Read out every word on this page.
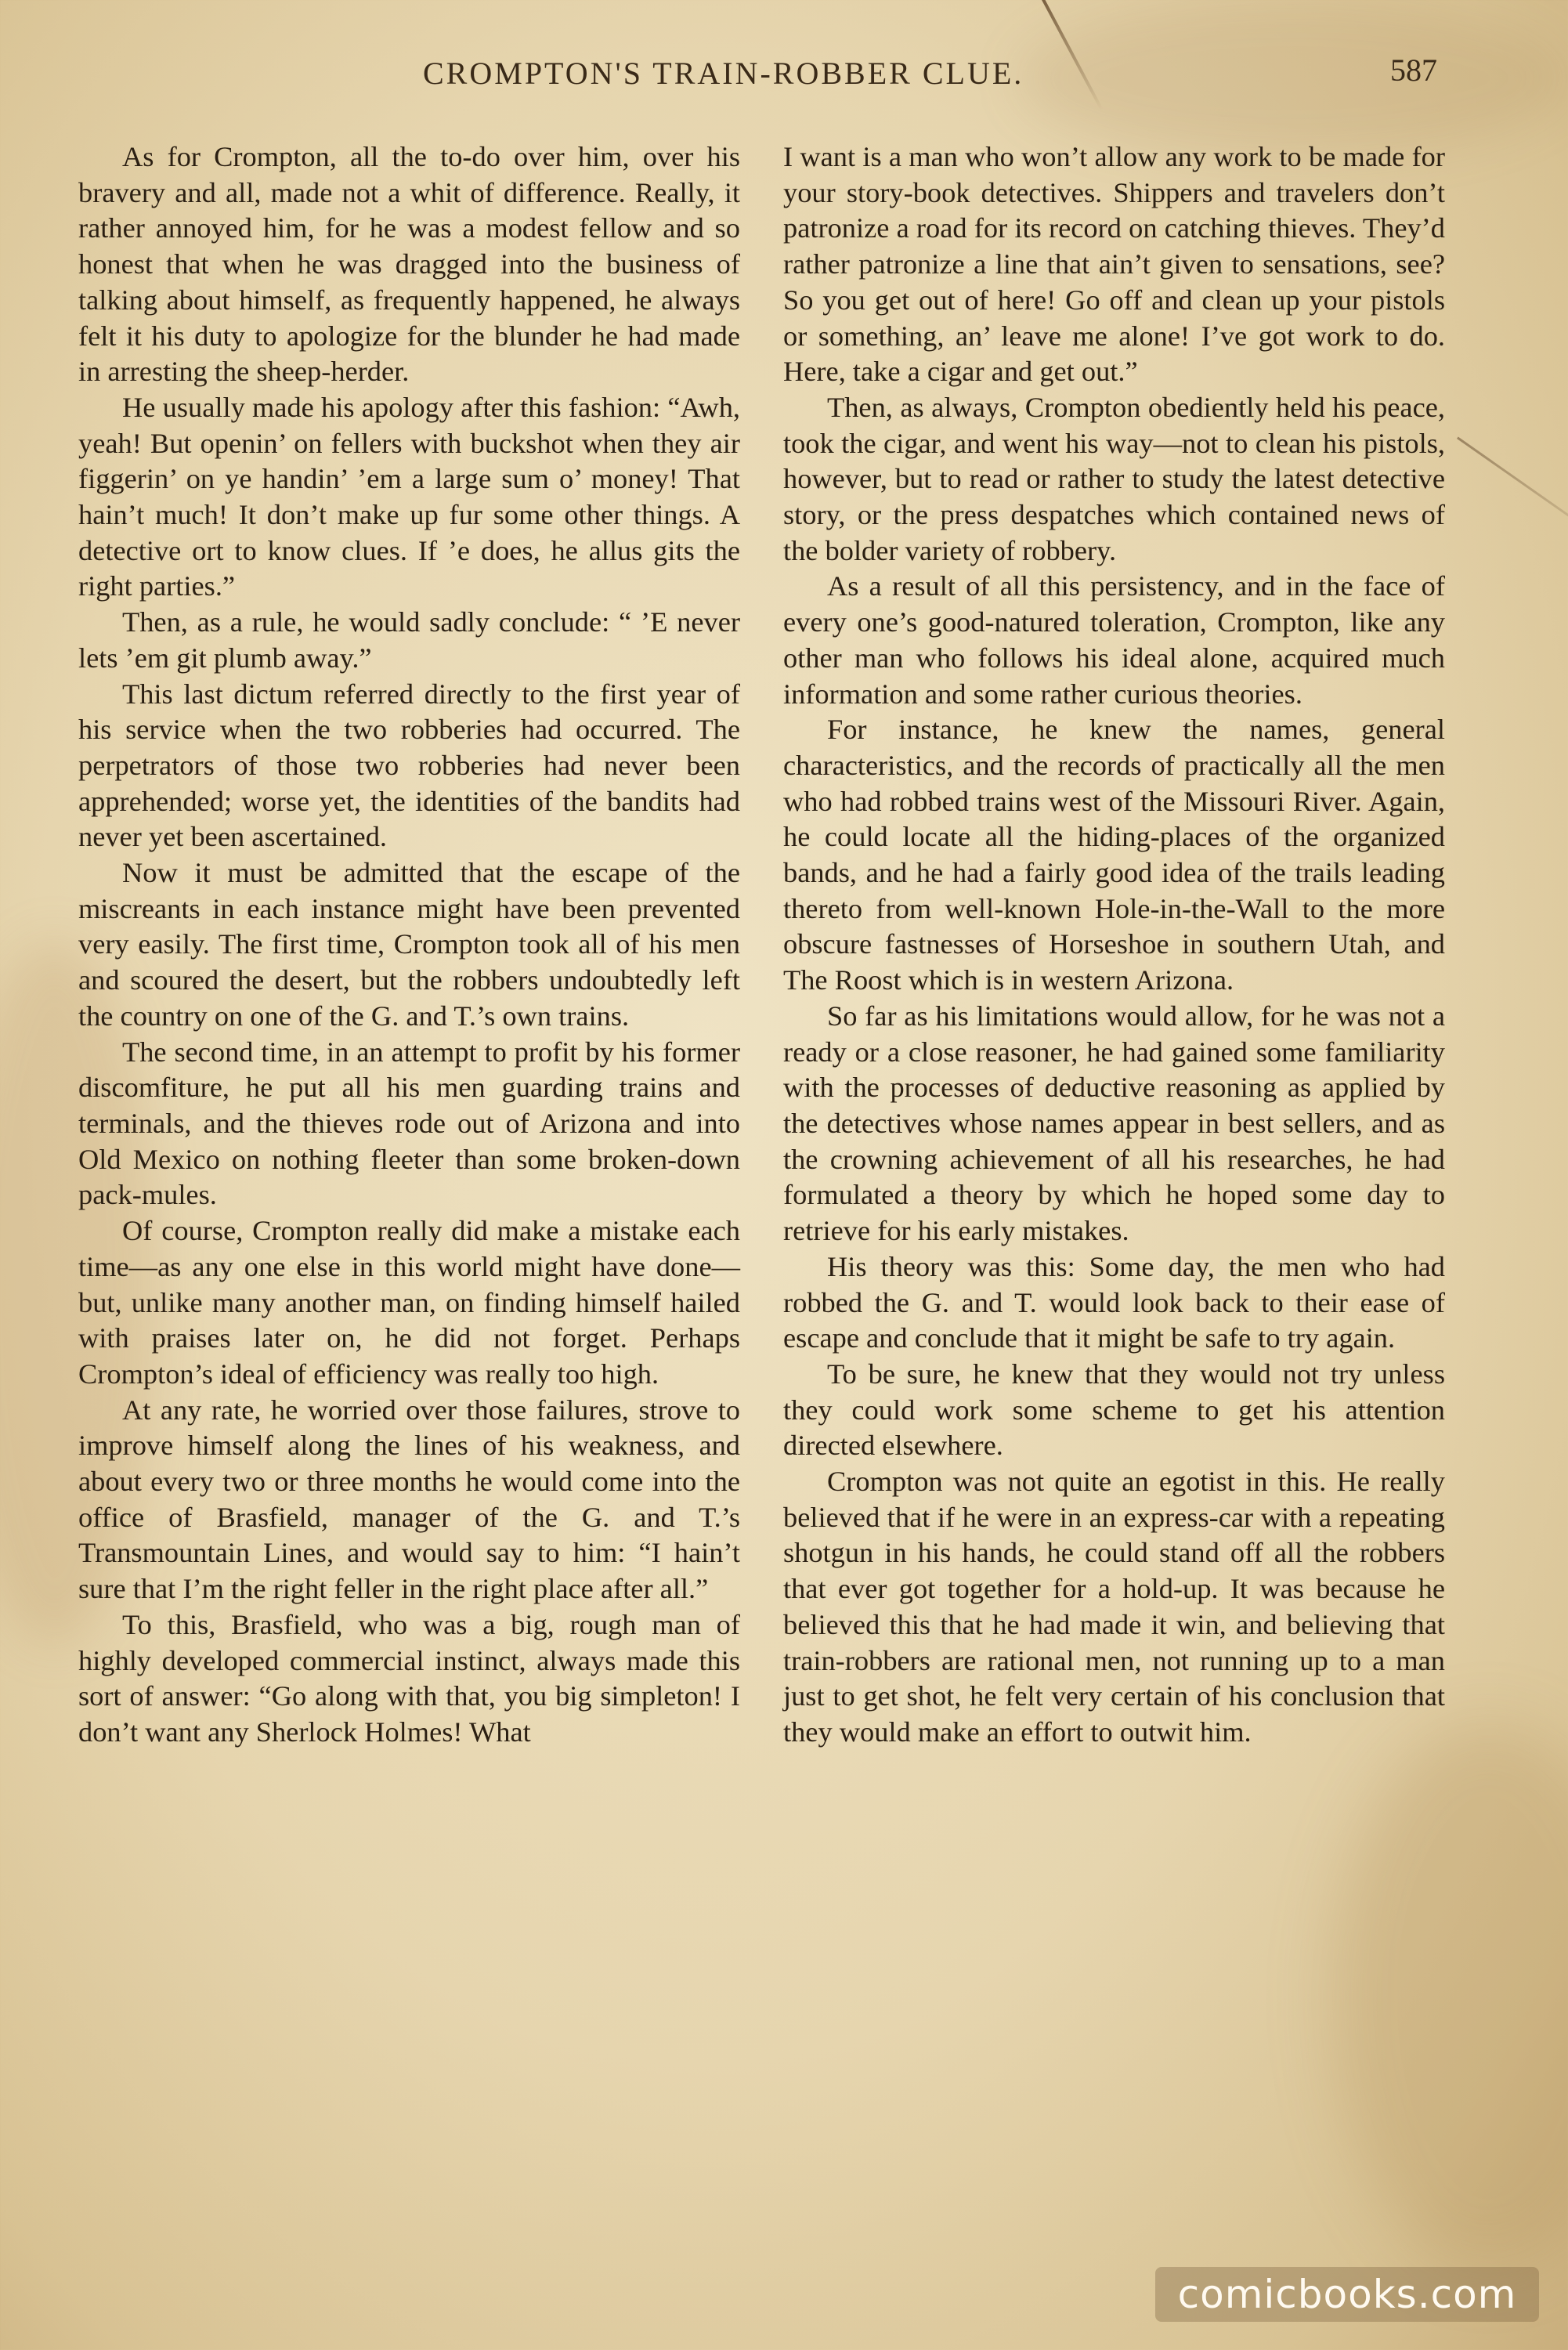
CROMPTON'S TRAIN-ROBBER CLUE.	587

As for Crompton, all the to-do over him, over his bravery and all, made not a whit of difference. Really, it rather annoyed him, for he was a modest fellow and so honest that when he was dragged into the business of talking about himself, as frequently happened, he always felt it his duty to apologize for the blunder he had made in arresting the sheep-herder.

He usually made his apology after this fashion: “Awh, yeah! But openin’ on fellers with buckshot when they air figgerin’ on ye handin’ ’em a large sum o’ money! That hain’t much! It don’t make up fur some other things. A detective ort to know clues. If ’e does, he allus gits the right parties.”

Then, as a rule, he would sadly conclude: “ ’E never lets ’em git plumb away.”

This last dictum referred directly to the first year of his service when the two robberies had occurred. The perpetrators of those two robberies had never been apprehended; worse yet, the identities of the bandits had never yet been ascertained.

Now it must be admitted that the escape of the miscreants in each instance might have been prevented very easily. The first time, Crompton took all of his men and scoured the desert, but the robbers undoubtedly left the country on one of the G. and T.’s own trains.

The second time, in an attempt to profit by his former discomfiture, he put all his men guarding trains and terminals, and the thieves rode out of Arizona and into Old Mexico on nothing fleeter than some broken-down pack-mules.

Of course, Crompton really did make a mistake each time—as any one else in this world might have done—but, unlike many another man, on finding himself hailed with praises later on, he did not forget. Perhaps Crompton’s ideal of efficiency was really too high.

At any rate, he worried over those failures, strove to improve himself along the lines of his weakness, and about every two or three months he would come into the office of Brasfield, manager of the G. and T.’s Transmountain Lines, and would say to him: “I hain’t sure that I’m the right feller in the right place after all.”

To this, Brasfield, who was a big, rough man of highly developed commercial instinct, always made this sort of answer: “Go along with that, you big simpleton! I don’t want any Sherlock Holmes! What

I want is a man who won’t allow any work to be made for your story-book detectives. Shippers and travelers don’t patronize a road for its record on catching thieves. They’d rather patronize a line that ain’t given to sensations, see? So you get out of here! Go off and clean up your pistols or something, an’ leave me alone! I’ve got work to do. Here, take a cigar and get out.”

Then, as always, Crompton obediently held his peace, took the cigar, and went his way—not to clean his pistols, however, but to read or rather to study the latest detective story, or the press despatches which contained news of the bolder variety of robbery.

As a result of all this persistency, and in the face of every one’s good-natured toleration, Crompton, like any other man who follows his ideal alone, acquired much information and some rather curious theories.

For instance, he knew the names, general characteristics, and the records of practically all the men who had robbed trains west of the Missouri River. Again, he could locate all the hiding-places of the organized bands, and he had a fairly good idea of the trails leading thereto from well-known Hole-in-the-Wall to the more obscure fastnesses of Horseshoe in southern Utah, and The Roost which is in western Arizona.

So far as his limitations would allow, for he was not a ready or a close reasoner, he had gained some familiarity with the processes of deductive reasoning as applied by the detectives whose names appear in best sellers, and as the crowning achievement of all his researches, he had formulated a theory by which he hoped some day to retrieve for his early mistakes.

His theory was this: Some day, the men who had robbed the G. and T. would look back to their ease of escape and conclude that it might be safe to try again.

To be sure, he knew that they would not try unless they could work some scheme to get his attention directed elsewhere.

Crompton was not quite an egotist in this. He really believed that if he were in an express-car with a repeating shotgun in his hands, he could stand off all the robbers that ever got together for a hold-up. It was because he believed this that he had made it win, and believing that train-robbers are rational men, not running up to a man just to get shot, he felt very certain of his conclusion that they would make an effort to outwit him.

comicbooks.com
